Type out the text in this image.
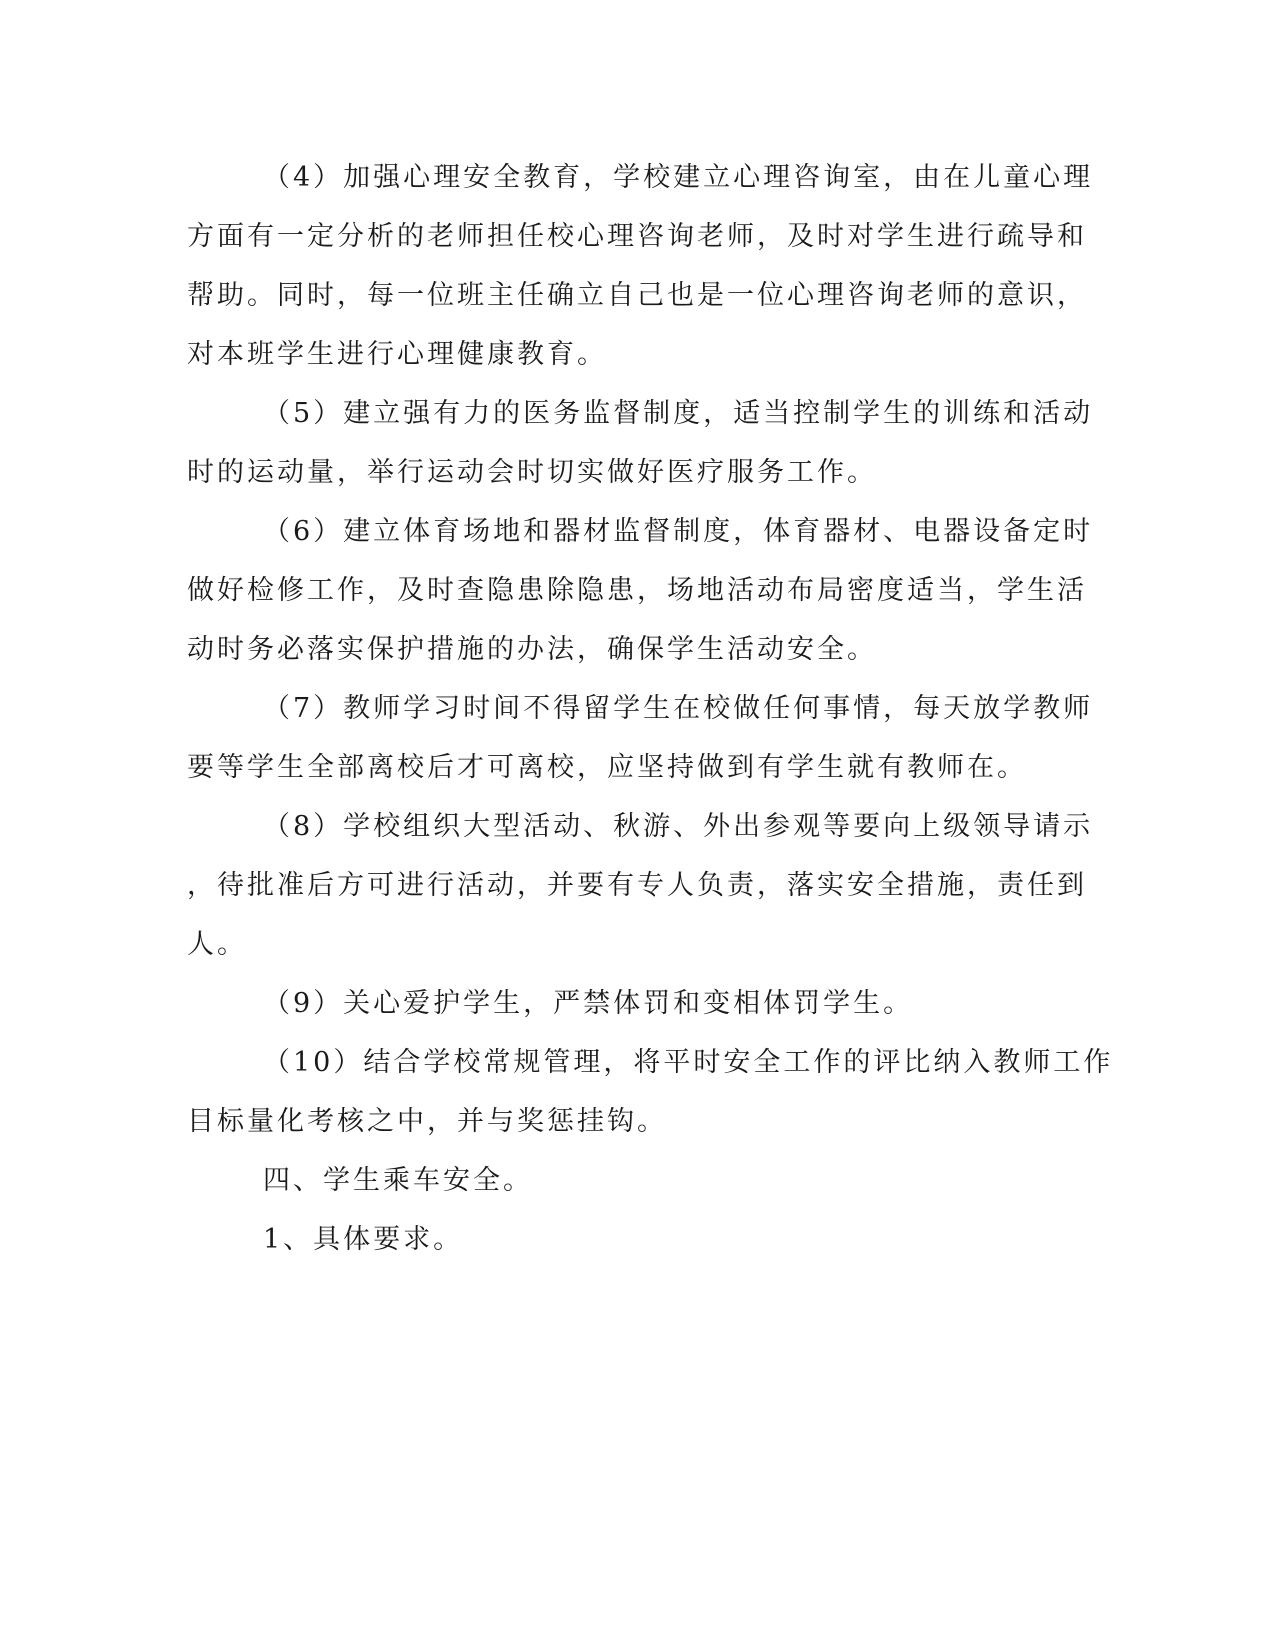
（4）加强心理安全教育，学校建立心理咨询室，由在儿童心理
方面有一定分析的老师担任校心理咨询老师，及时对学生进行疏导和
帮助。同时，每一位班主任确立自己也是一位心理咨询老师的意识，
对本班学生进行心理健康教育。
（5）建立强有力的医务监督制度，适当控制学生的训练和活动
时的运动量，举行运动会时切实做好医疗服务工作。
（6）建立体育场地和器材监督制度，体育器材、电器设备定时
做好检修工作，及时查隐患除隐患，场地活动布局密度适当，学生活
动时务必落实保护措施的办法，确保学生活动安全。
（7）教师学习时间不得留学生在校做任何事情，每天放学教师
要等学生全部离校后才可离校，应坚持做到有学生就有教师在。
（8）学校组织大型活动、秋游、外出参观等要向上级领导请示
，待批准后方可进行活动，并要有专人负责，落实安全措施，责任到
人。
（9）关心爱护学生，严禁体罚和变相体罚学生。
（10）结合学校常规管理，将平时安全工作的评比纳入教师工作
目标量化考核之中，并与奖惩挂钩。
四、学生乘车安全。
1、具体要求。
